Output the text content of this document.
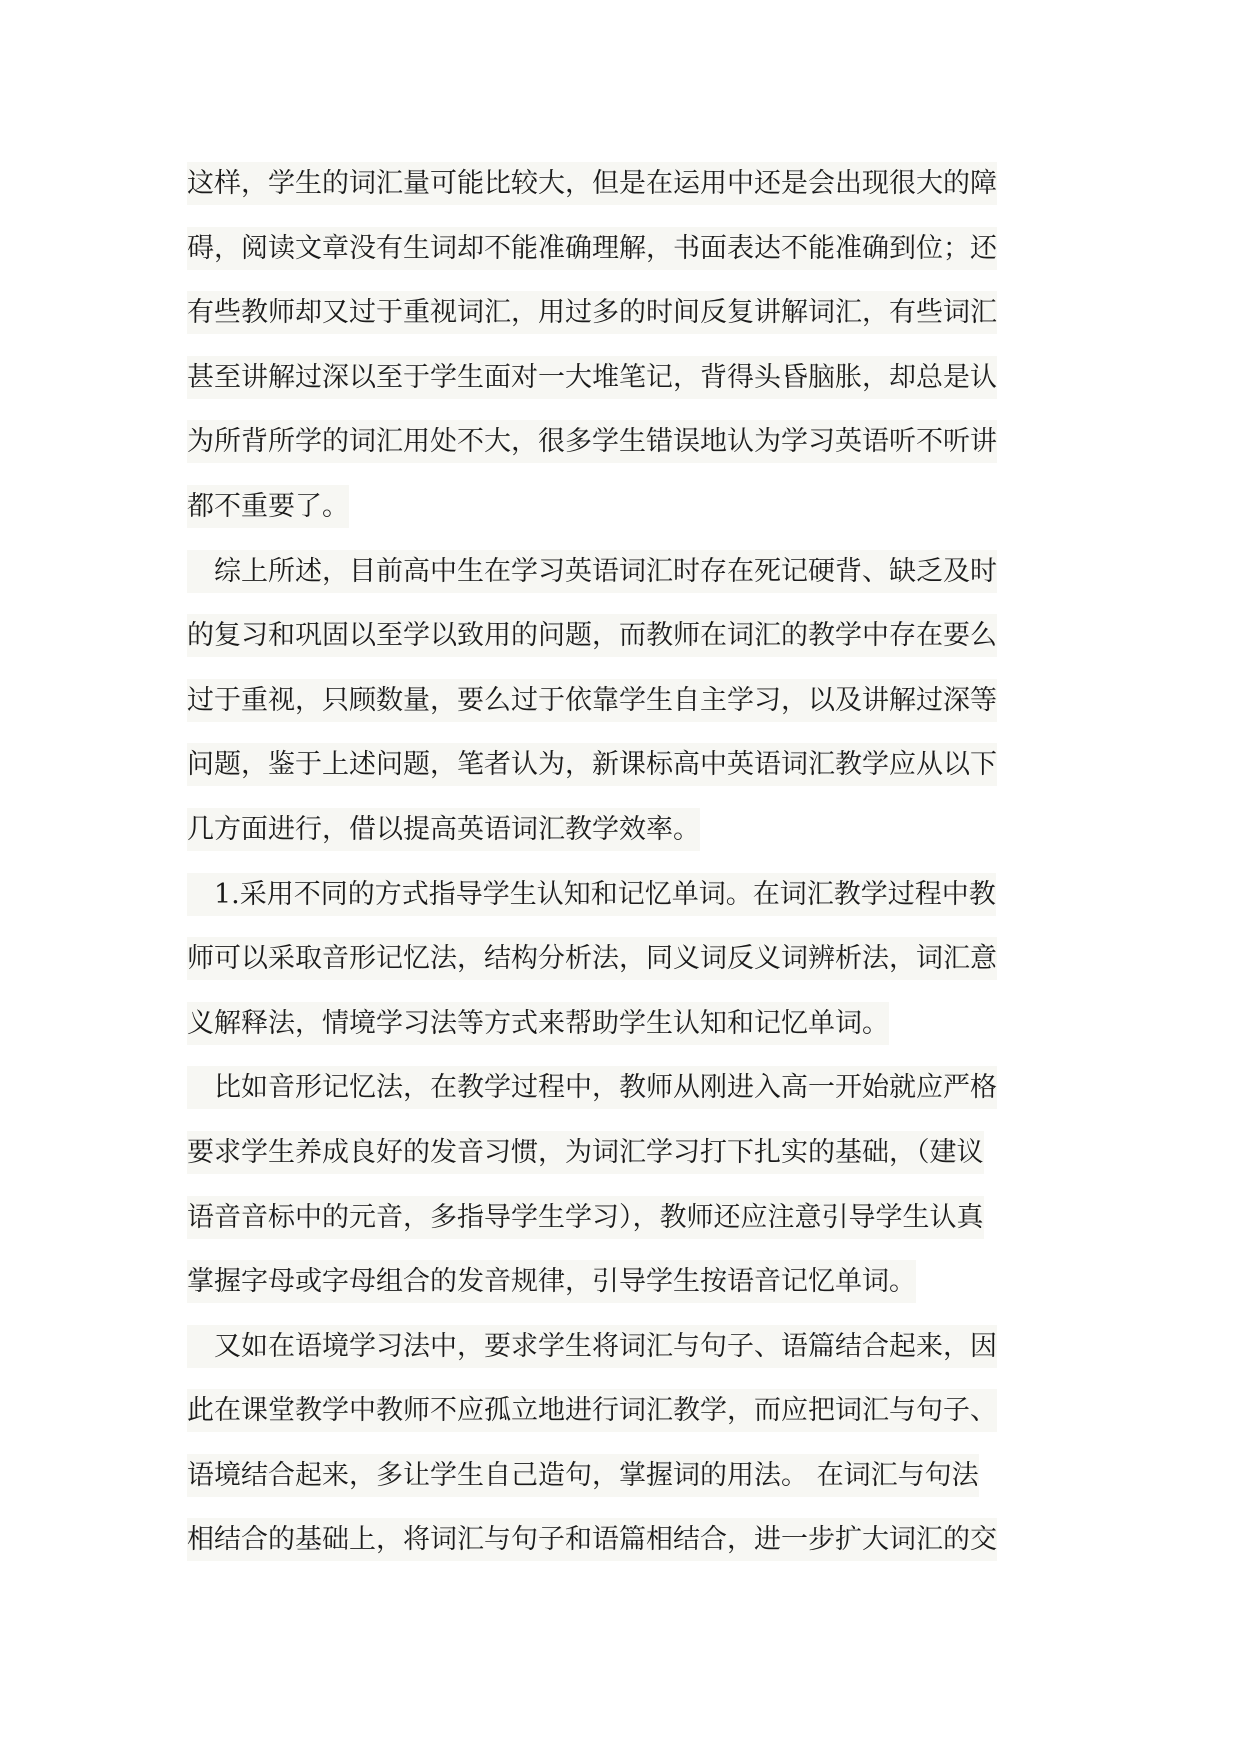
这样，学生的词汇量可能比较大，但是在运用中还是会出现很大的障
碍，阅读文章没有生词却不能准确理解，书面表达不能准确到位；还
有些教师却又过于重视词汇，用过多的时间反复讲解词汇，有些词汇
甚至讲解过深以至于学生面对一大堆笔记，背得头昏脑胀，却总是认
为所背所学的词汇用处不大，很多学生错误地认为学习英语听不听讲
都不重要了。
　综上所述，目前高中生在学习英语词汇时存在死记硬背、缺乏及时
的复习和巩固以至学以致用的问题，而教师在词汇的教学中存在要么
过于重视，只顾数量，要么过于依靠学生自主学习，以及讲解过深等
问题，鉴于上述问题，笔者认为，新课标高中英语词汇教学应从以下
几方面进行，借以提高英语词汇教学效率。
　1.采用不同的方式指导学生认知和记忆单词。在词汇教学过程中教
师可以采取音形记忆法，结构分析法，同义词反义词辨析法，词汇意
义解释法，情境学习法等方式来帮助学生认知和记忆单词。
　比如音形记忆法，在教学过程中，教师从刚进入高一开始就应严格
要求学生养成良好的发音习惯，为词汇学习打下扎实的基础，（建议
语音音标中的元音，多指导学生学习），教师还应注意引导学生认真
掌握字母或字母组合的发音规律，引导学生按语音记忆单词。
　又如在语境学习法中，要求学生将词汇与句子、语篇结合起来，因
此在课堂教学中教师不应孤立地进行词汇教学，而应把词汇与句子、
语境结合起来，多让学生自己造句，掌握词的用法。 在词汇与句法
相结合的基础上，将词汇与句子和语篇相结合，进一步扩大词汇的交
